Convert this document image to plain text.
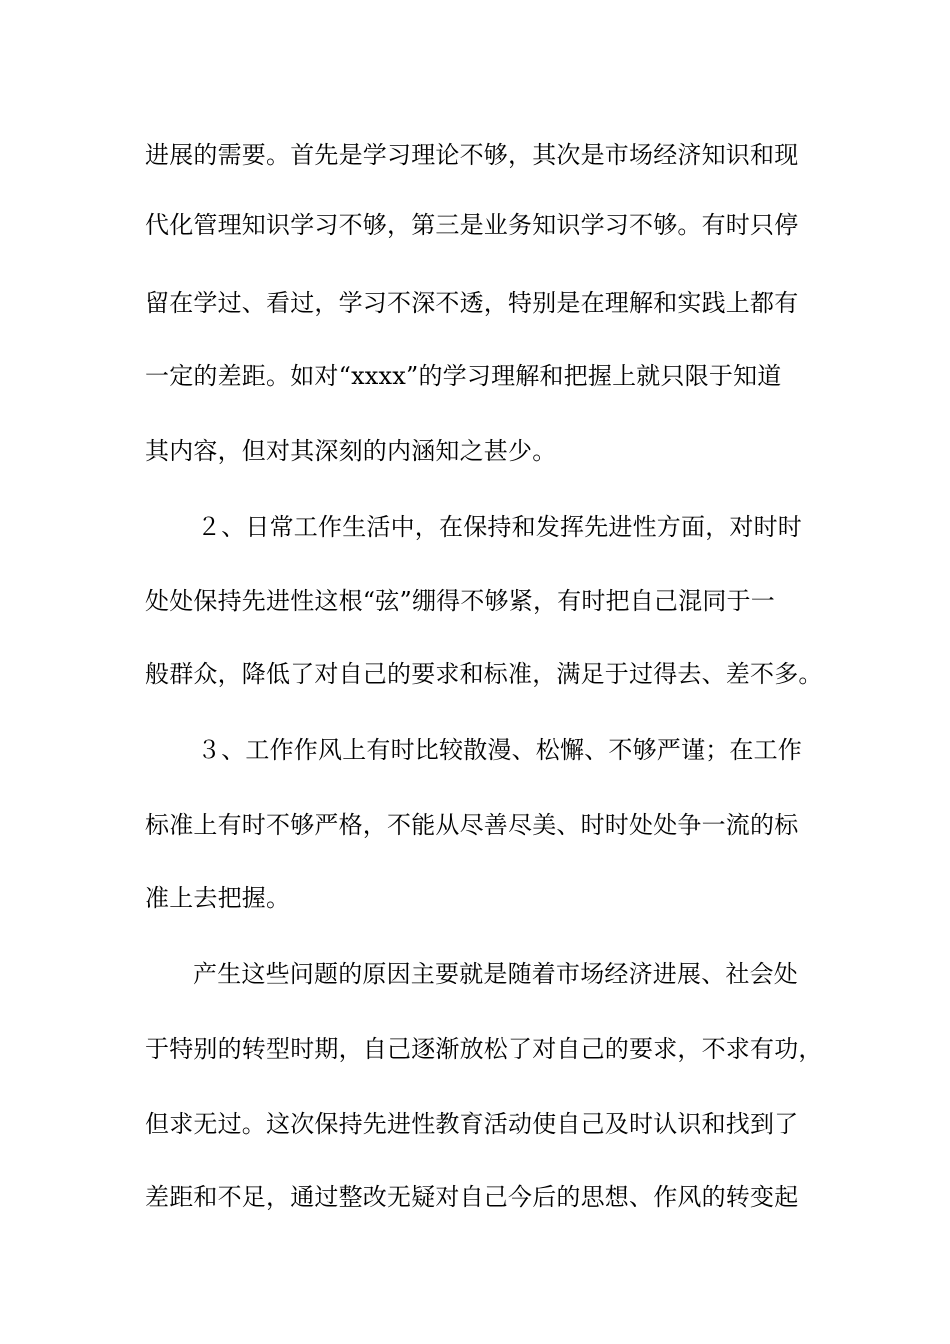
进展的需要。首先是学习理论不够，其次是市场经济知识和现
代化管理知识学习不够，第三是业务知识学习不够。有时只停
留在学过、看过，学习不深不透，特别是在理解和实践上都有
一定的差距。如对“xxxx”的学习理解和把握上就只限于知道
其内容，但对其深刻的内涵知之甚少。
２、日常工作生活中，在保持和发挥先进性方面，对时时
处处保持先进性这根“弦”绷得不够紧，有时把自己混同于一
般群众，降低了对自己的要求和标准，满足于过得去、差不多。
３、工作作风上有时比较散漫、松懈、不够严谨；在工作
标准上有时不够严格，不能从尽善尽美、时时处处争一流的标
准上去把握。
产生这些问题的原因主要就是随着市场经济进展、社会处
于特别的转型时期，自己逐渐放松了对自己的要求，不求有功，
但求无过。这次保持先进性教育活动使自己及时认识和找到了
差距和不足，通过整改无疑对自己今后的思想、作风的转变起
